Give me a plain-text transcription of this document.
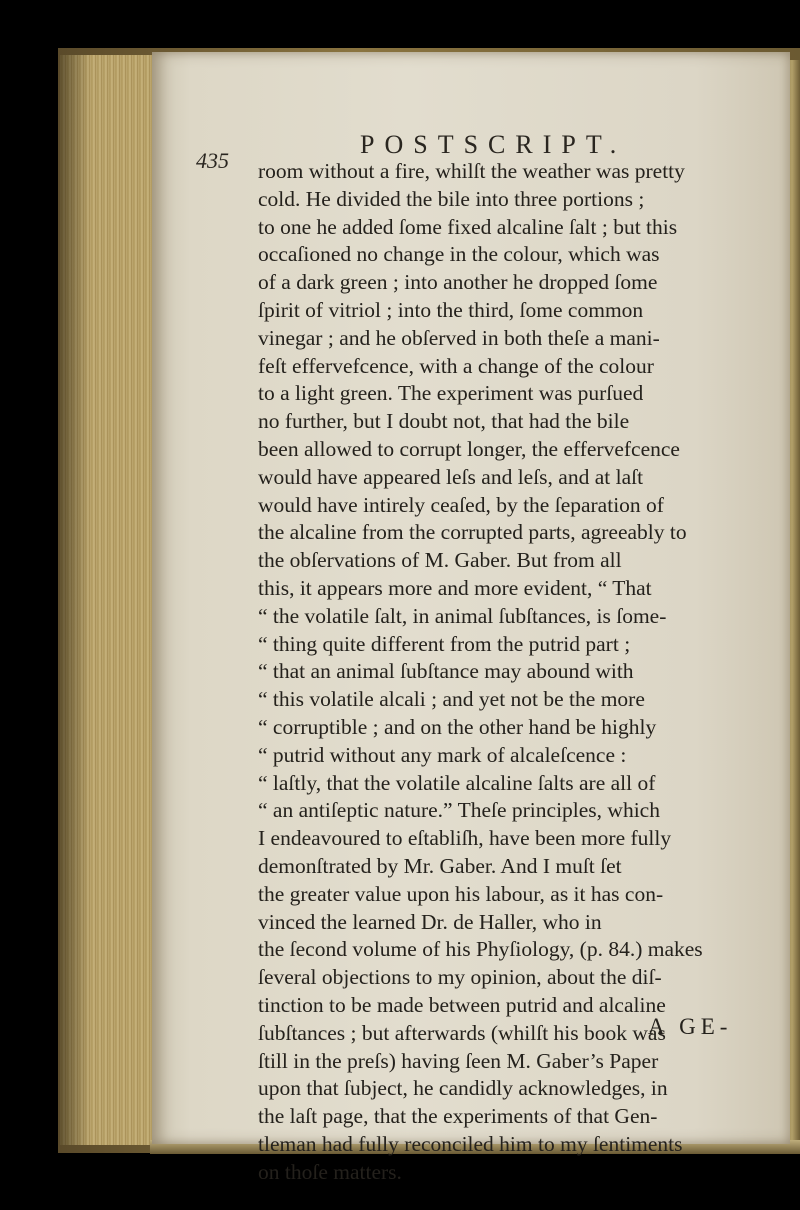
435
POSTSCRIPT.
room without a fire, whilſt the weather was pretty
cold. He divided the bile into three portions ;
to one he added ſome fixed alcaline ſalt ; but this
occaſioned no change in the colour, which was
of a dark green ; into another he dropped ſome
ſpirit of vitriol ; into the third, ſome common
vinegar ; and he obſerved in both theſe a mani-
feſt effervefcence, with a change of the colour
to a light green. The experiment was purſued
no further, but I doubt not, that had the bile
been allowed to corrupt longer, the effervefcence
would have appeared leſs and leſs, and at laſt
would have intirely ceaſed, by the ſeparation of
the alcaline from the corrupted parts, agreeably to
the obſervations of M. Gaber. But from all
this, it appears more and more evident, “ That
“ the volatile ſalt, in animal ſubſtances, is ſome-
“ thing quite different from the putrid part ;
“ that an animal ſubſtance may abound with
“ this volatile alcali ; and yet not be the more
“ corruptible ; and on the other hand be highly
“ putrid without any mark of alcaleſcence :
“ laſtly, that the volatile alcaline ſalts are all of
“ an antiſeptic nature.” Theſe principles, which
I endeavoured to eſtabliſh, have been more fully
demonſtrated by Mr. Gaber. And I muſt ſet
the greater value upon his labour, as it has con-
vinced the learned Dr. de Haller, who in
the ſecond volume of his Phyſiology, (p. 84.) makes
ſeveral objections to my opinion, about the diſ-
tinction to be made between putrid and alcaline
ſubſtances ; but afterwards (whilſt his book was
ſtill in the preſs) having ſeen M. Gaber’s Paper
upon that ſubject, he candidly acknowledges, in
the laſt page, that the experiments of that Gen-
tleman had fully reconciled him to my ſentiments
on thoſe matters.
A GE-
